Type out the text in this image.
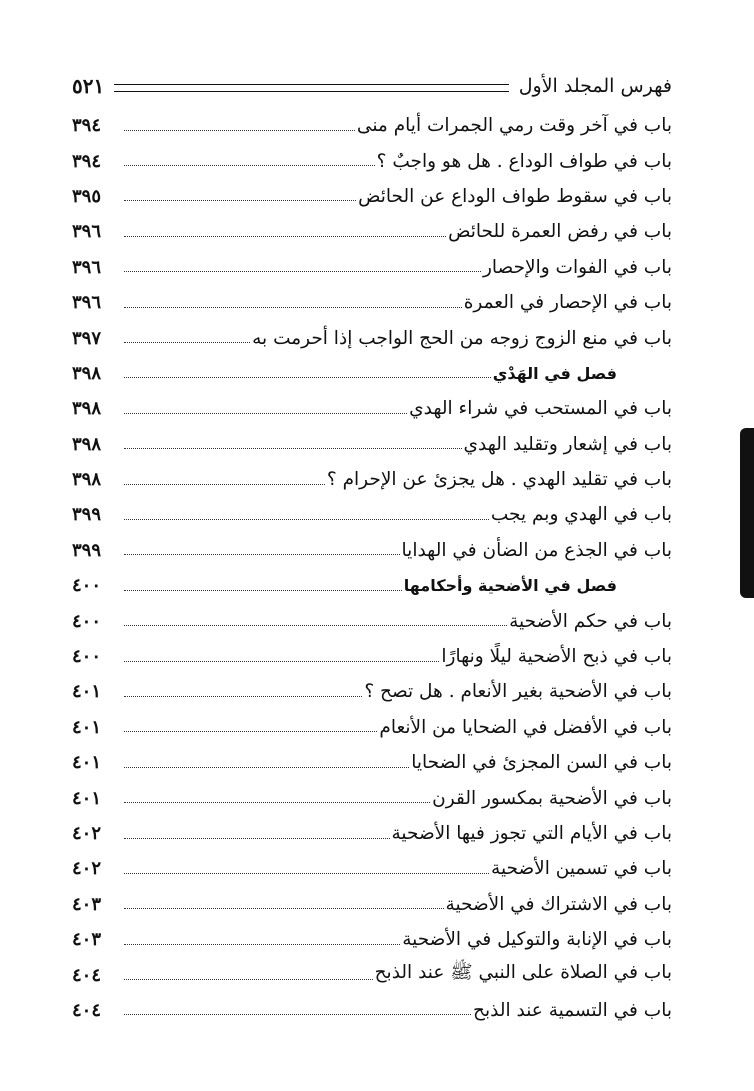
فهرس المجلد الأول
٥٢١
باب في آخر وقت رمي الجمرات أيام منى
٣٩٤
باب في طواف الوداع . هل هو واجبٌ ؟
٣٩٤
باب في سقوط طواف الوداع عن الحائض
٣٩٥
باب في رفض العمرة للحائض
٣٩٦
باب في الفوات والإحصار
٣٩٦
باب في الإحصار في العمرة
٣٩٦
باب في منع الزوج زوجه من الحج الواجب إذا أحرمت به
٣٩٧
فصل في الهَدْي
٣٩٨
باب في المستحب في شراء الهدي
٣٩٨
باب في إشعار وتقليد الهدي
٣٩٨
باب في تقليد الهدي . هل يجزئ عن الإحرام ؟
٣٩٨
باب في الهدي وبم يجب
٣٩٩
باب في الجذع من الضأن في الهدايا
٣٩٩
فصل في الأضحية وأحكامها
٤٠٠
باب في حكم الأضحية
٤٠٠
باب في ذبح الأضحية ليلًا ونهارًا
٤٠٠
باب في الأضحية بغير الأنعام . هل تصح ؟
٤٠١
باب في الأفضل في الضحايا من الأنعام
٤٠١
باب في السن المجزئ في الضحايا
٤٠١
باب في الأضحية بمكسور القرن
٤٠١
باب في الأيام التي تجوز فيها الأضحية
٤٠٢
باب في تسمين الأضحية
٤٠٢
باب في الاشتراك في الأضحية
٤٠٣
باب في الإنابة والتوكيل في الأضحية
٤٠٣
باب في الصلاة على النبي ﷺ عند الذبح
٤٠٤
باب في التسمية عند الذبح
٤٠٤
